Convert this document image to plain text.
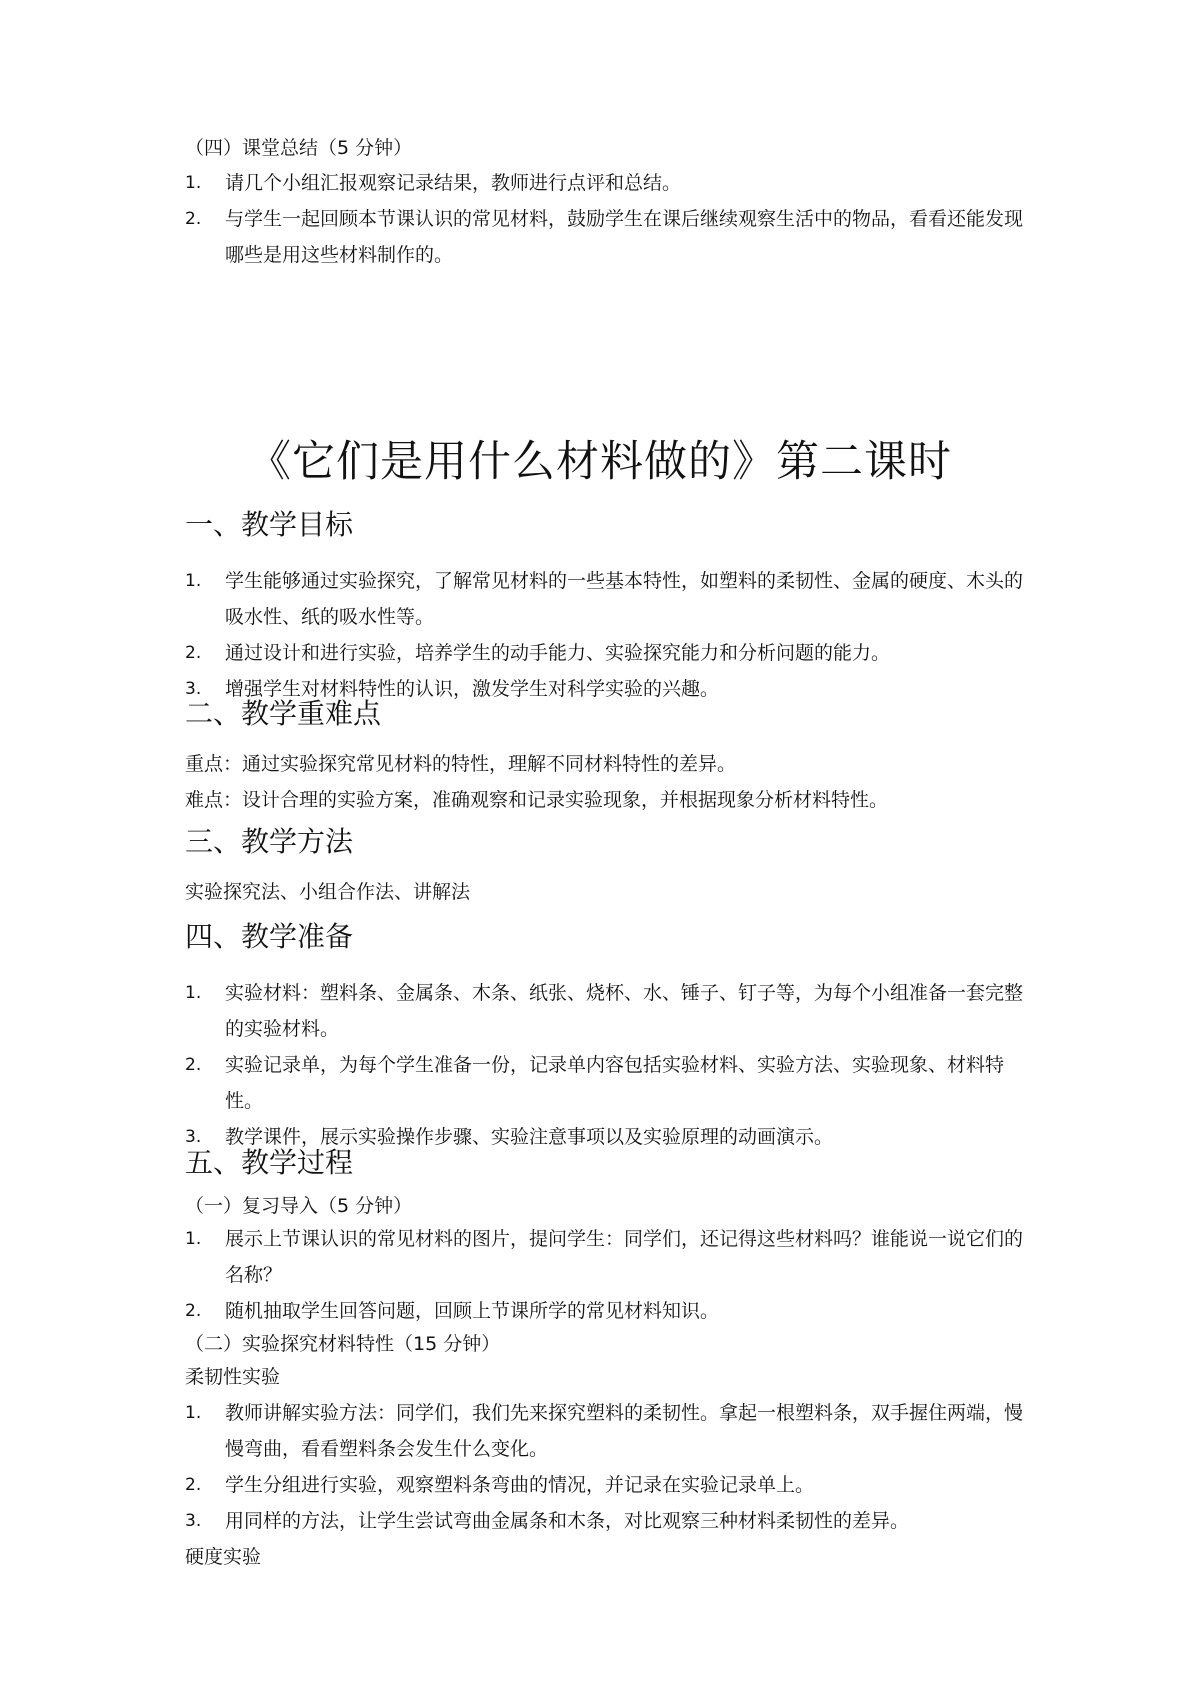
（四）课堂总结（5 分钟）
1.	请几个小组汇报观察记录结果，教师进行点评和总结。
2.	与学生一起回顾本节课认识的常见材料，鼓励学生在课后继续观察生活中的物品，看看还能发现哪些是用这些材料制作的。
《它们是用什么材料做的》第二课时
一、教学目标
1.	学生能够通过实验探究，了解常见材料的一些基本特性，如塑料的柔韧性、金属的硬度、木头的吸水性、纸的吸水性等。
2.	通过设计和进行实验，培养学生的动手能力、实验探究能力和分析问题的能力。
3.	增强学生对材料特性的认识，激发学生对科学实验的兴趣。
二、教学重难点
重点：通过实验探究常见材料的特性，理解不同材料特性的差异。
难点：设计合理的实验方案，准确观察和记录实验现象，并根据现象分析材料特性。
三、教学方法
实验探究法、小组合作法、讲解法
四、教学准备
1.	实验材料：塑料条、金属条、木条、纸张、烧杯、水、锤子、钉子等，为每个小组准备一套完整的实验材料。
2.	实验记录单，为每个学生准备一份，记录单内容包括实验材料、实验方法、实验现象、材料特性。
3.	教学课件，展示实验操作步骤、实验注意事项以及实验原理的动画演示。
五、教学过程
（一）复习导入（5 分钟）
1.	展示上节课认识的常见材料的图片，提问学生：同学们，还记得这些材料吗？谁能说一说它们的名称？
2.	随机抽取学生回答问题，回顾上节课所学的常见材料知识。
（二）实验探究材料特性（15 分钟）
柔韧性实验
1.	教师讲解实验方法：同学们，我们先来探究塑料的柔韧性。拿起一根塑料条，双手握住两端，慢慢弯曲，看看塑料条会发生什么变化。
2.	学生分组进行实验，观察塑料条弯曲的情况，并记录在实验记录单上。
3.	用同样的方法，让学生尝试弯曲金属条和木条，对比观察三种材料柔韧性的差异。
硬度实验
